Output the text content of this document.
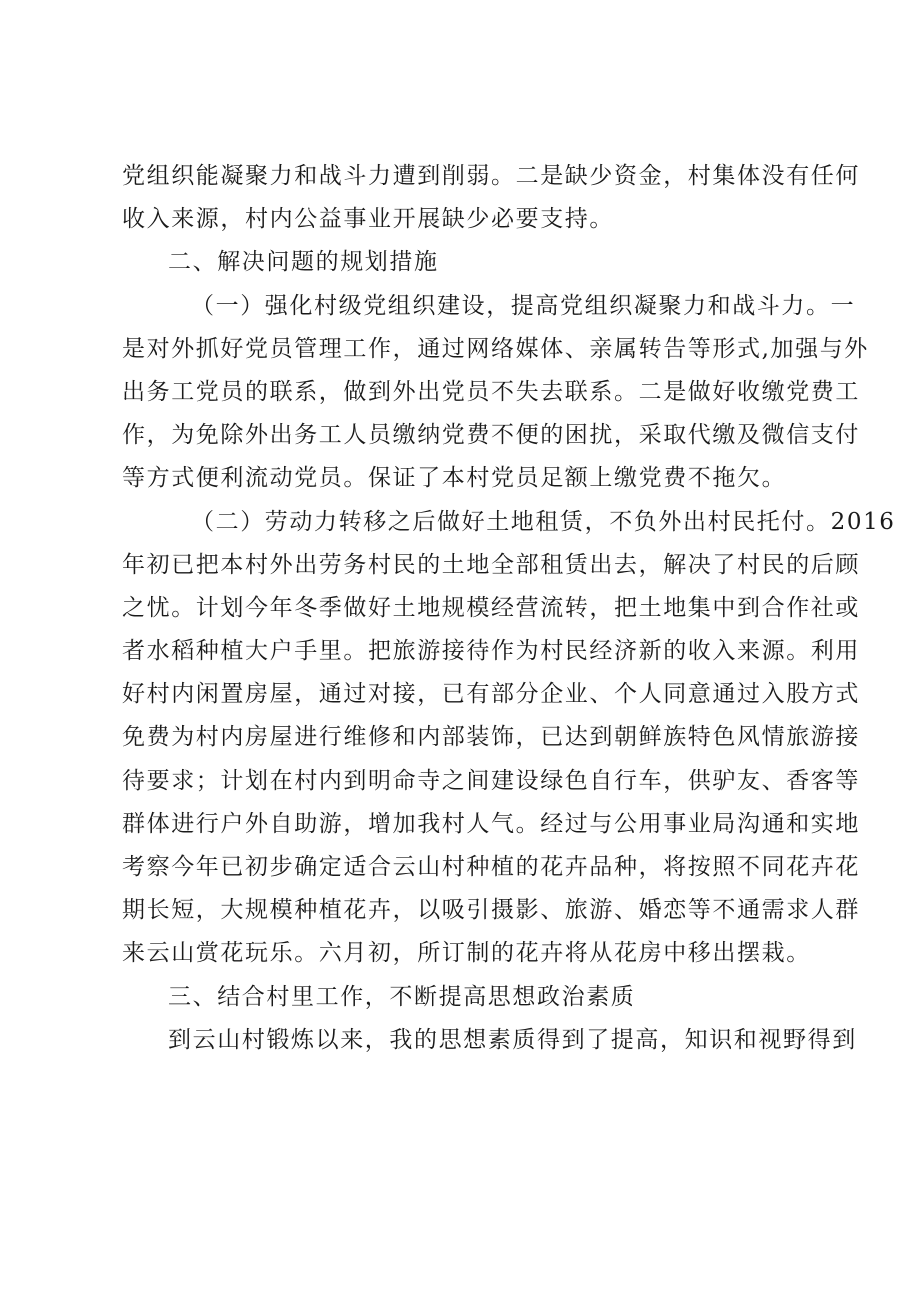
党组织能凝聚力和战斗力遭到削弱。二是缺少资金，村集体没有任何
收入来源，村内公益事业开展缺少必要支持。
二、解决问题的规划措施
（一）强化村级党组织建设，提高党组织凝聚力和战斗力。一
是对外抓好党员管理工作，通过网络媒体、亲属转告等形式,加强与外
出务工党员的联系，做到外出党员不失去联系。二是做好收缴党费工
作，为免除外出务工人员缴纳党费不便的困扰，采取代缴及微信支付
等方式便利流动党员。保证了本村党员足额上缴党费不拖欠。
（二）劳动力转移之后做好土地租赁，不负外出村民托付。2016
年初已把本村外出劳务村民的土地全部租赁出去，解决了村民的后顾
之忧。计划今年冬季做好土地规模经营流转，把土地集中到合作社或
者水稻种植大户手里。把旅游接待作为村民经济新的收入来源。利用
好村内闲置房屋，通过对接，已有部分企业、个人同意通过入股方式
免费为村内房屋进行维修和内部装饰，已达到朝鲜族特色风情旅游接
待要求；计划在村内到明命寺之间建设绿色自行车，供驴友、香客等
群体进行户外自助游，增加我村人气。经过与公用事业局沟通和实地
考察今年已初步确定适合云山村种植的花卉品种，将按照不同花卉花
期长短，大规模种植花卉，以吸引摄影、旅游、婚恋等不通需求人群
来云山赏花玩乐。六月初，所订制的花卉将从花房中移出摆栽。
三、结合村里工作，不断提高思想政治素质
到云山村锻炼以来，我的思想素质得到了提高，知识和视野得到
